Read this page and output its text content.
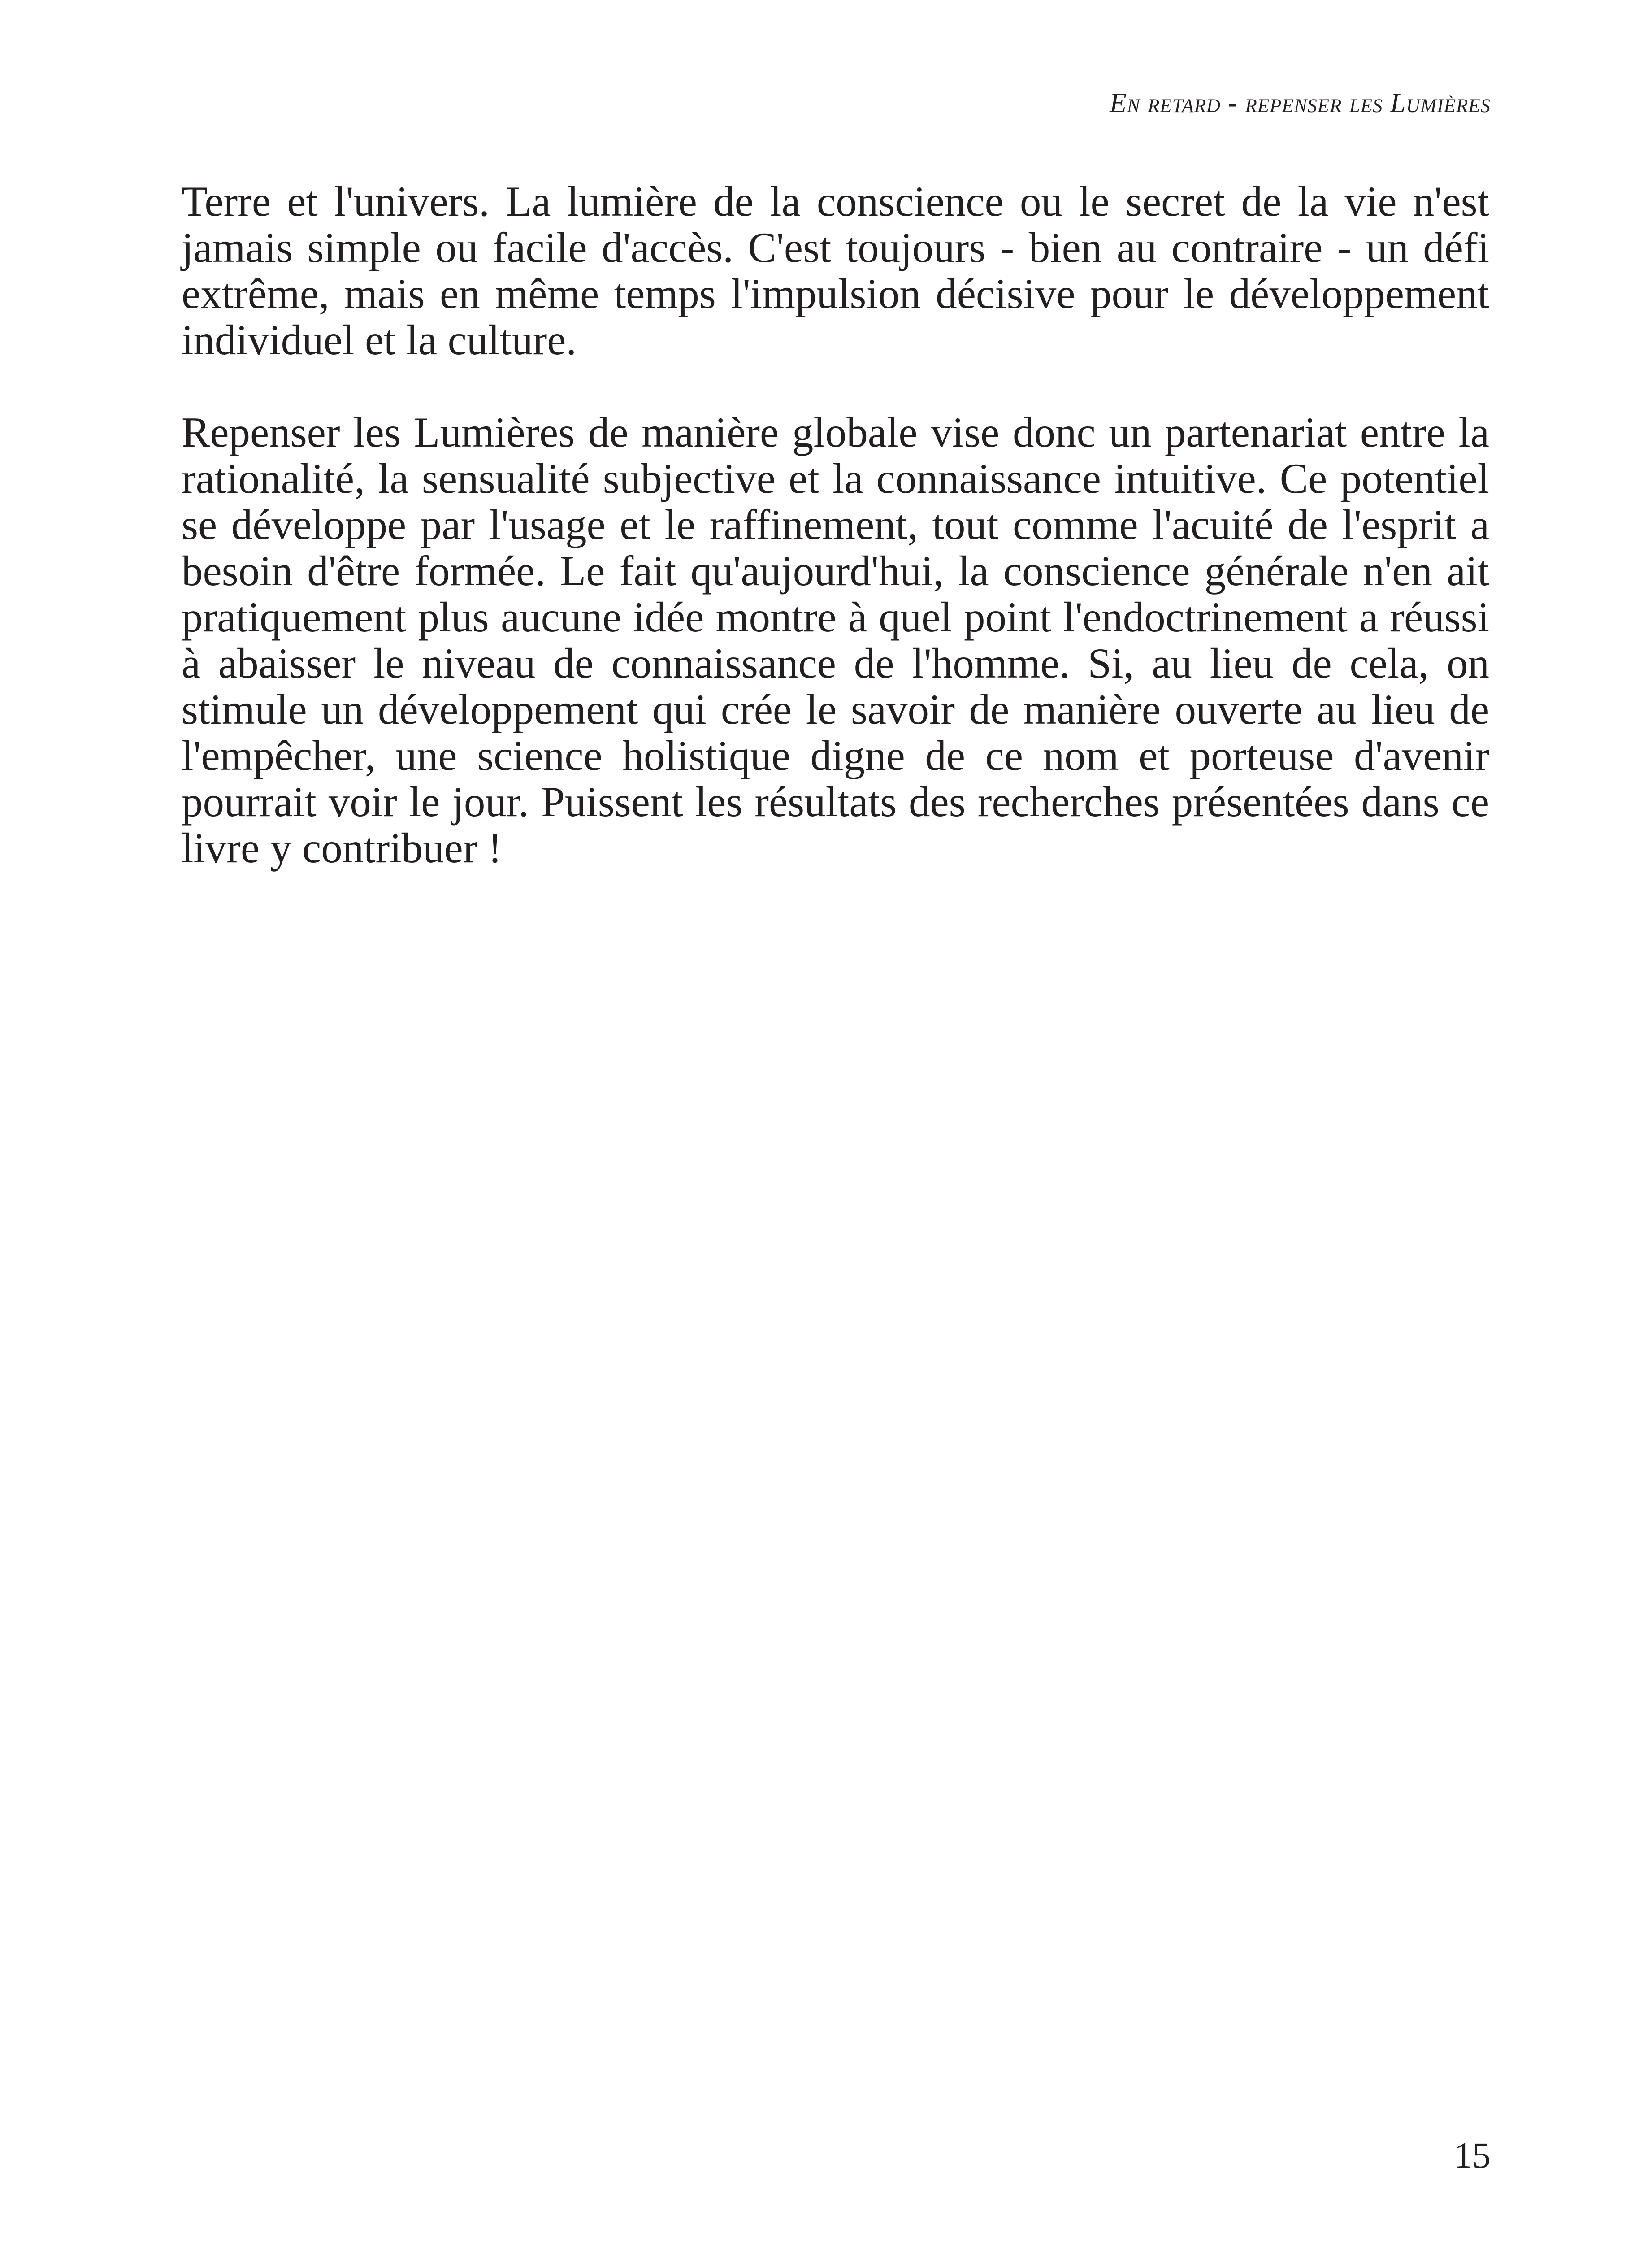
En retard - repenser les Lumières

Terre et l'univers. La lumière de la conscience ou le secret de la vie n'est jamais simple ou facile d'accès. C'est toujours - bien au contraire - un défi extrême, mais en même temps l'impulsion décisive pour le développement individuel et la culture.

Repenser les Lumières de manière globale vise donc un partenariat entre la rationalité, la sensualité subjective et la connaissance intuitive. Ce potentiel se développe par l'usage et le raffinement, tout comme l'acuité de l'esprit a besoin d'être formée. Le fait qu'aujourd'hui, la conscience générale n'en ait pratiquement plus aucune idée montre à quel point l'endoctrinement a réussi à abaisser le niveau de connaissance de l'homme. Si, au lieu de cela, on stimule un développement qui crée le savoir de manière ouverte au lieu de l'empêcher, une science holistique digne de ce nom et porteuse d'avenir pourrait voir le jour. Puissent les résultats des recherches présentées dans ce livre y contribuer !

15
